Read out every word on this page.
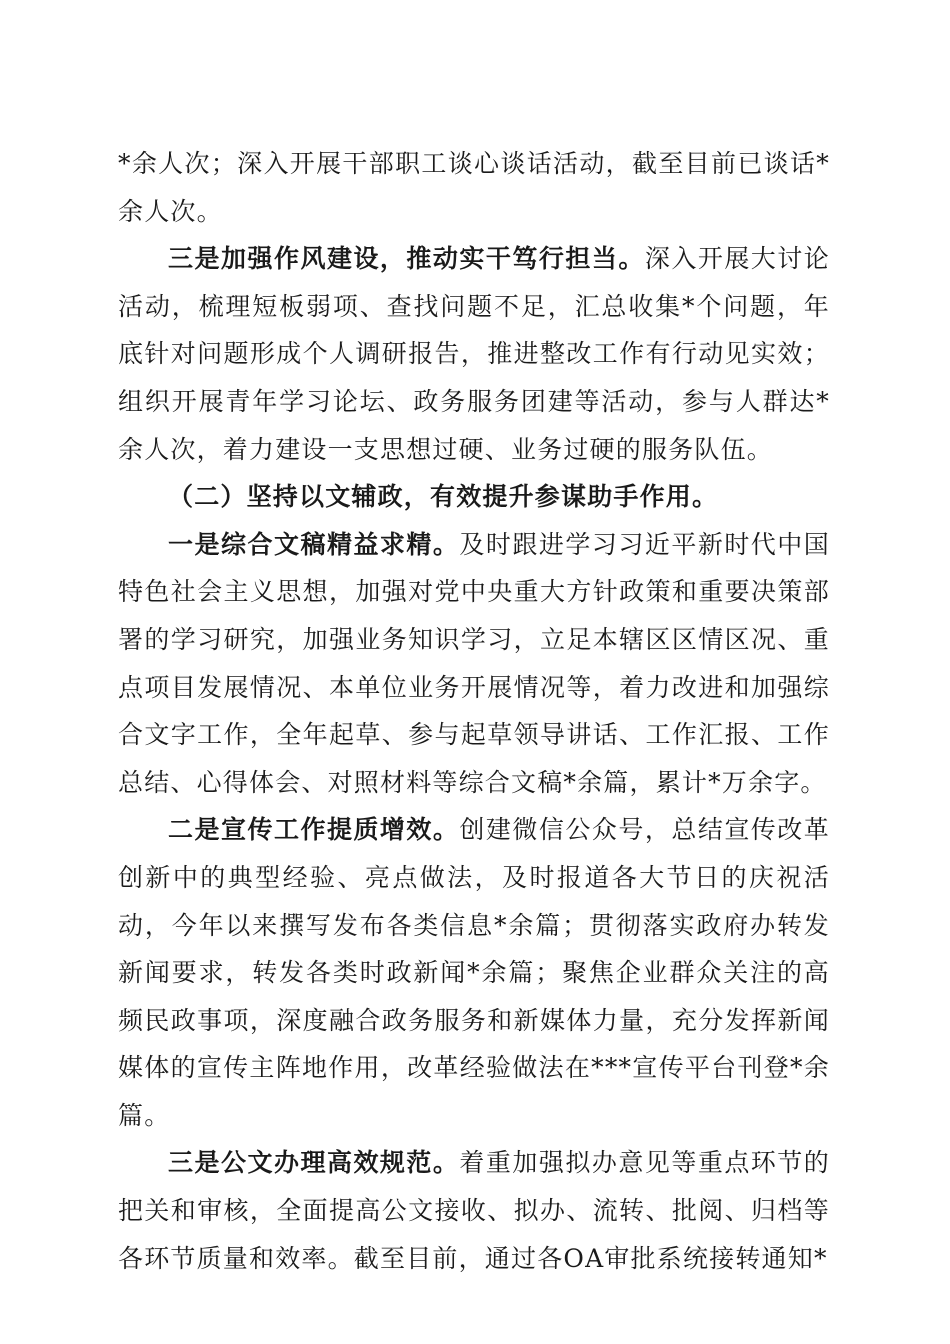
*余人次；深入开展干部职工谈心谈话活动，截至目前已谈话*余人次。

三是加强作风建设，推动实干笃行担当。深入开展大讨论活动，梳理短板弱项、查找问题不足，汇总收集*个问题，年底针对问题形成个人调研报告，推进整改工作有行动见实效；组织开展青年学习论坛、政务服务团建等活动，参与人群达*余人次，着力建设一支思想过硬、业务过硬的服务队伍。

（二）坚持以文辅政，有效提升参谋助手作用。

一是综合文稿精益求精。及时跟进学习习近平新时代中国特色社会主义思想，加强对党中央重大方针政策和重要决策部署的学习研究，加强业务知识学习，立足本辖区区情区况、重点项目发展情况、本单位业务开展情况等，着力改进和加强综合文字工作，全年起草、参与起草领导讲话、工作汇报、工作总结、心得体会、对照材料等综合文稿*余篇，累计*万余字。

二是宣传工作提质增效。创建微信公众号，总结宣传改革创新中的典型经验、亮点做法，及时报道各大节日的庆祝活动，今年以来撰写发布各类信息*余篇；贯彻落实政府办转发新闻要求，转发各类时政新闻*余篇；聚焦企业群众关注的高频民政事项，深度融合政务服务和新媒体力量，充分发挥新闻媒体的宣传主阵地作用，改革经验做法在***宣传平台刊登*余篇。

三是公文办理高效规范。着重加强拟办意见等重点环节的把关和审核，全面提高公文接收、拟办、流转、批阅、归档等各环节质量和效率。截至目前，通过各OA审批系统接转通知*
